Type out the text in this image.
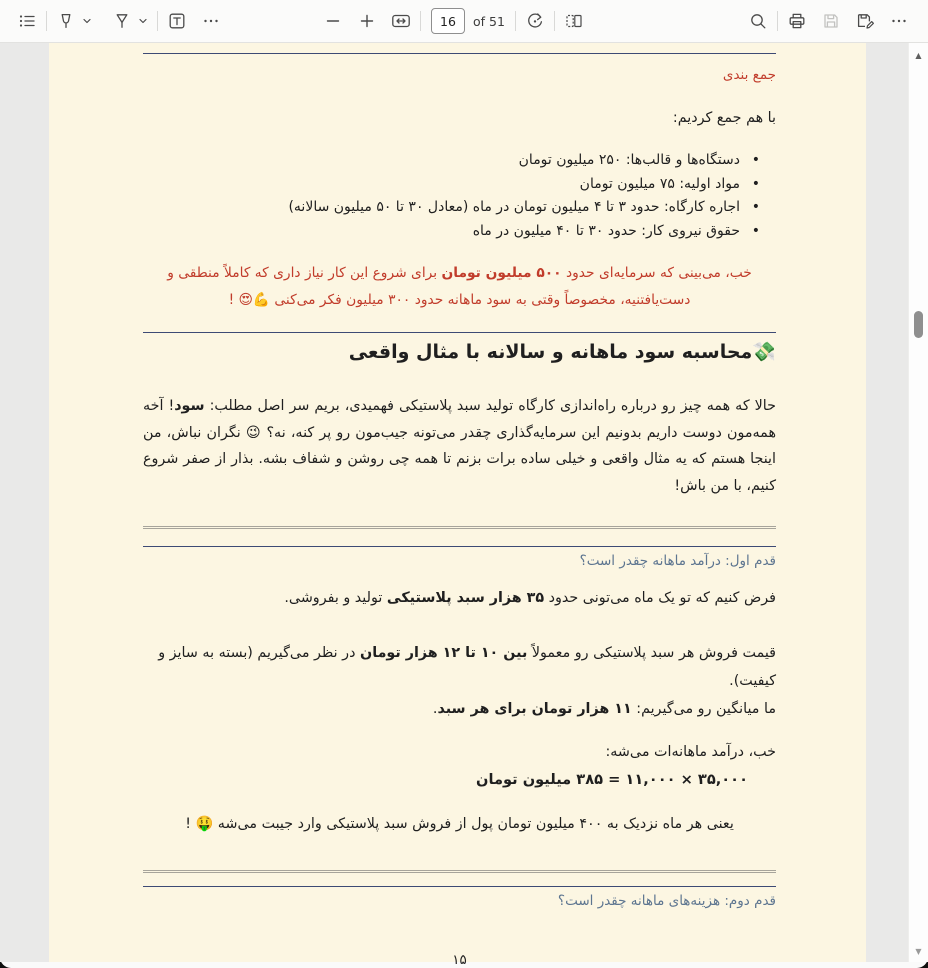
16
of 51
جمع بندی

با هم جمع کردیم:

• دستگاه‌ها و قالب‌ها: ۲۵۰ میلیون تومان
• مواد اولیه: ۷۵ میلیون تومان
• اجاره کارگاه: حدود ۳ تا ۴ میلیون تومان در ماه (معادل ۳۰ تا ۵۰ میلیون سالانه)
• حقوق نیروی کار: حدود ۳۰ تا ۴۰ میلیون در ماه

خب، می‌بینی که سرمایه‌ای حدود ۵۰۰ میلیون تومان برای شروع این کار نیاز داری که کاملاً منطقی و دست‌یافتنیه، مخصوصاً وقتی به سود ماهانه حدود ۳۰۰ میلیون فکر می‌کنی 💪😍 !

💸محاسبه سود ماهانه و سالانه با مثال واقعی

حالا که همه چیز رو درباره راه‌اندازی کارگاه تولید سبد پلاستیکی فهمیدی، بریم سر اصل مطلب: سود! آخه همه‌مون دوست داریم بدونیم این سرمایه‌گذاری چقدر می‌تونه جیب‌مون رو پر کنه، نه؟ 😉 نگران نباش، من اینجا هستم که یه مثال واقعی و خیلی ساده برات بزنم تا همه چی روشن و شفاف بشه. بذار از صفر شروع کنیم، با من باش!

قدم اول: درآمد ماهانه چقدر است؟

فرض کنیم که تو یک ماه می‌تونی حدود ۳۵ هزار سبد پلاستیکی تولید و بفروشی.

قیمت فروش هر سبد پلاستیکی رو معمولاً بین ۱۰ تا ۱۲ هزار تومان در نظر می‌گیریم (بسته به سایز و کیفیت).
ما میانگین رو می‌گیریم: ۱۱ هزار تومان برای هر سبد.

خب، درآمد ماهانه‌ات می‌شه:

۳۵,۰۰۰ × ۱۱,۰۰۰ = ۳۸۵ میلیون تومان

یعنی هر ماه نزدیک به ۴۰۰ میلیون تومان پول از فروش سبد پلاستیکی وارد جیبت می‌شه 🤑 !

قدم دوم: هزینه‌های ماهانه چقدر است؟
۱۵
▲
▼
